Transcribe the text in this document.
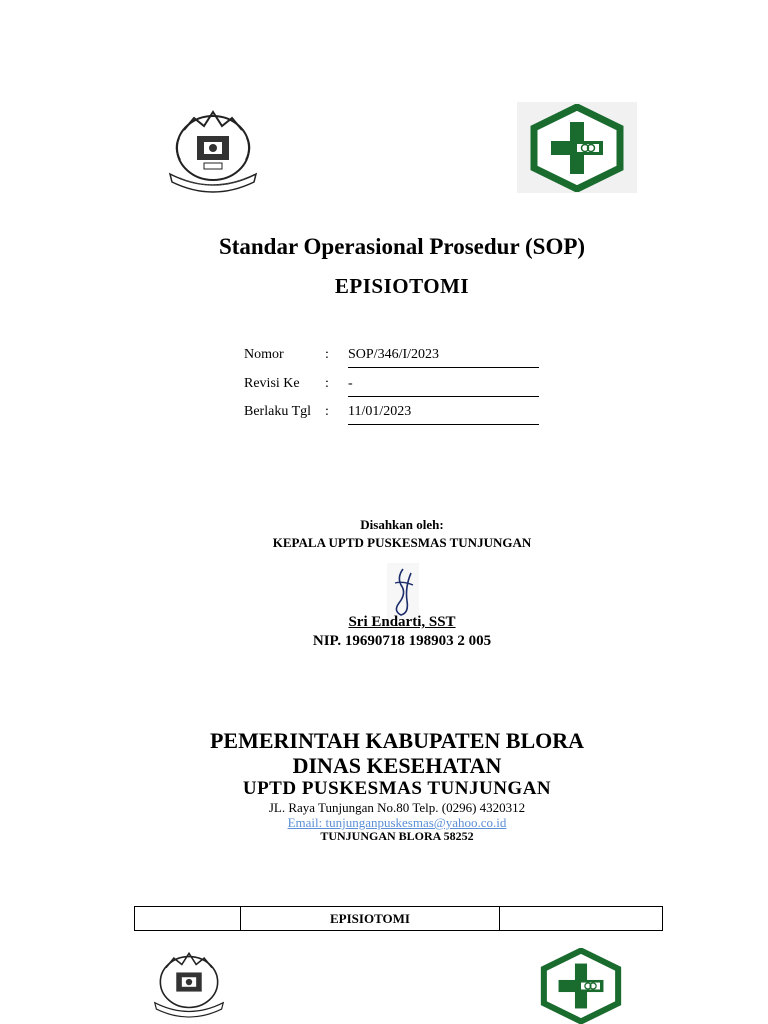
Standar Operasional Prosedur (SOP)
EPISIOTOMI
Nomor	: SOP/346/I/2023
Revisi Ke : -
Berlaku Tgl : 11/01/2023
Disahkan oleh:
KEPALA UPTD PUSKESMAS TUNJUNGAN
Sri Endarti, SST
NIP. 19690718 198903 2 005
PEMERINTAH KABUPATEN BLORA
DINAS KESEHATAN
UPTD PUSKESMAS TUNJUNGAN
JL. Raya Tunjungan No.80 Telp. (0296) 4320312
Email: tunjunganpuskesmas@yahoo.co.id
TUNJUNGAN BLORA 58252
EPISIOTOMI
